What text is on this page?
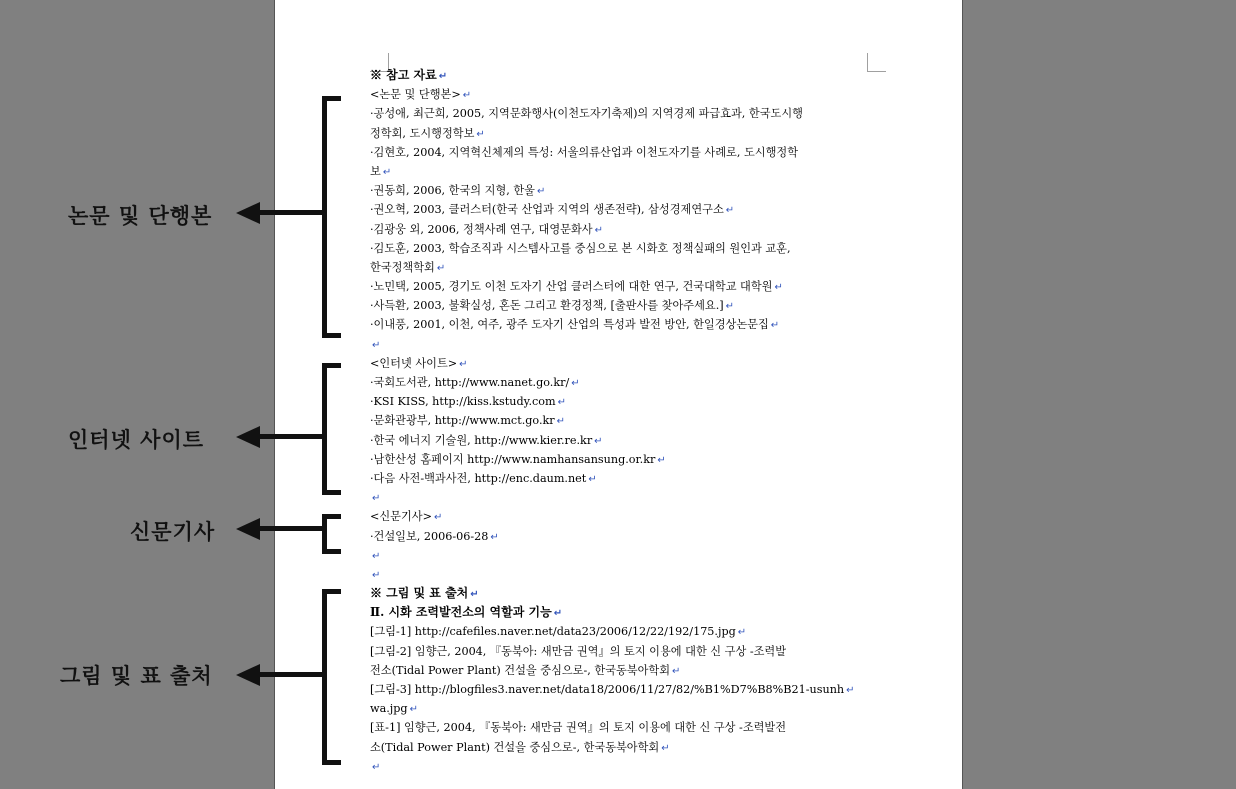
※ 참고 자료 ↵
<논문 및 단행본> ↵
·공성애, 최근희, 2005, 지역문화행사(이천도자기축제)의 지역경제 파급효과, 한국도시행
정학회, 도시행정학보 ↵
·김현호, 2004, 지역혁신체제의 특성: 서울의류산업과 이천도자기를 사례로, 도시행정학
보 ↵
·권동희, 2006, 한국의 지형, 한울 ↵
·권오혁, 2003, 클러스터(한국 산업과 지역의 생존전략), 삼성경제연구소 ↵
·김광웅 외, 2006, 정책사례 연구, 대영문화사 ↵
·김도훈, 2003, 학습조직과 시스템사고를 중심으로 본 시화호 정책실패의 원인과 교훈,
한국정책학회 ↵
·노민택, 2005, 경기도 이천 도자기 산업 클러스터에 대한 연구, 건국대학교 대학원 ↵
·사득환, 2003, 불확실성, 혼돈 그리고 환경정책, [출판사를 찾아주세요.] ↵
·이내풍, 2001, 이천, 여주, 광주 도자기 산업의 특성과 발전 방안, 한일경상논문집 ↵
↵
<인터넷 사이트> ↵
·국회도서관, http://www.nanet.go.kr/ ↵
·KSI KISS, http://kiss.kstudy.com ↵
·문화관광부, http://www.mct.go.kr ↵
·한국 에너지 기술원, http://www.kier.re.kr ↵
·남한산성 홈페이지 http://www.namhansansung.or.kr ↵
·다음 사전-백과사전, http://enc.daum.net ↵
↵
<신문기사> ↵
·건설일보, 2006-06-28 ↵
↵
↵
※ 그림 및 표 출처 ↵
Ⅱ. 시화 조력발전소의 역할과 기능 ↵
[그림-1] http://cafefiles.naver.net/data23/2006/12/22/192/175.jpg ↵
[그림-2] 임향근, 2004, 『동북아: 새만금 권역』의 토지 이용에 대한 신 구상 -조력발
전소(Tidal Power Plant) 건설을 중심으로-, 한국동북아학회 ↵
[그림-3] http://blogfiles3.naver.net/data18/2006/11/27/82/%B1%D7%B8%B21-usunh ↵
wa.jpg ↵
[표-1] 임향근, 2004, 『동북아: 새만금 권역』의 토지 이용에 대한 신 구상 -조력발전
소(Tidal Power Plant) 건설을 중심으로-, 한국동북아학회 ↵
↵
논문 및 단행본
인터넷 사이트
신문기사
그림 및 표 출처
